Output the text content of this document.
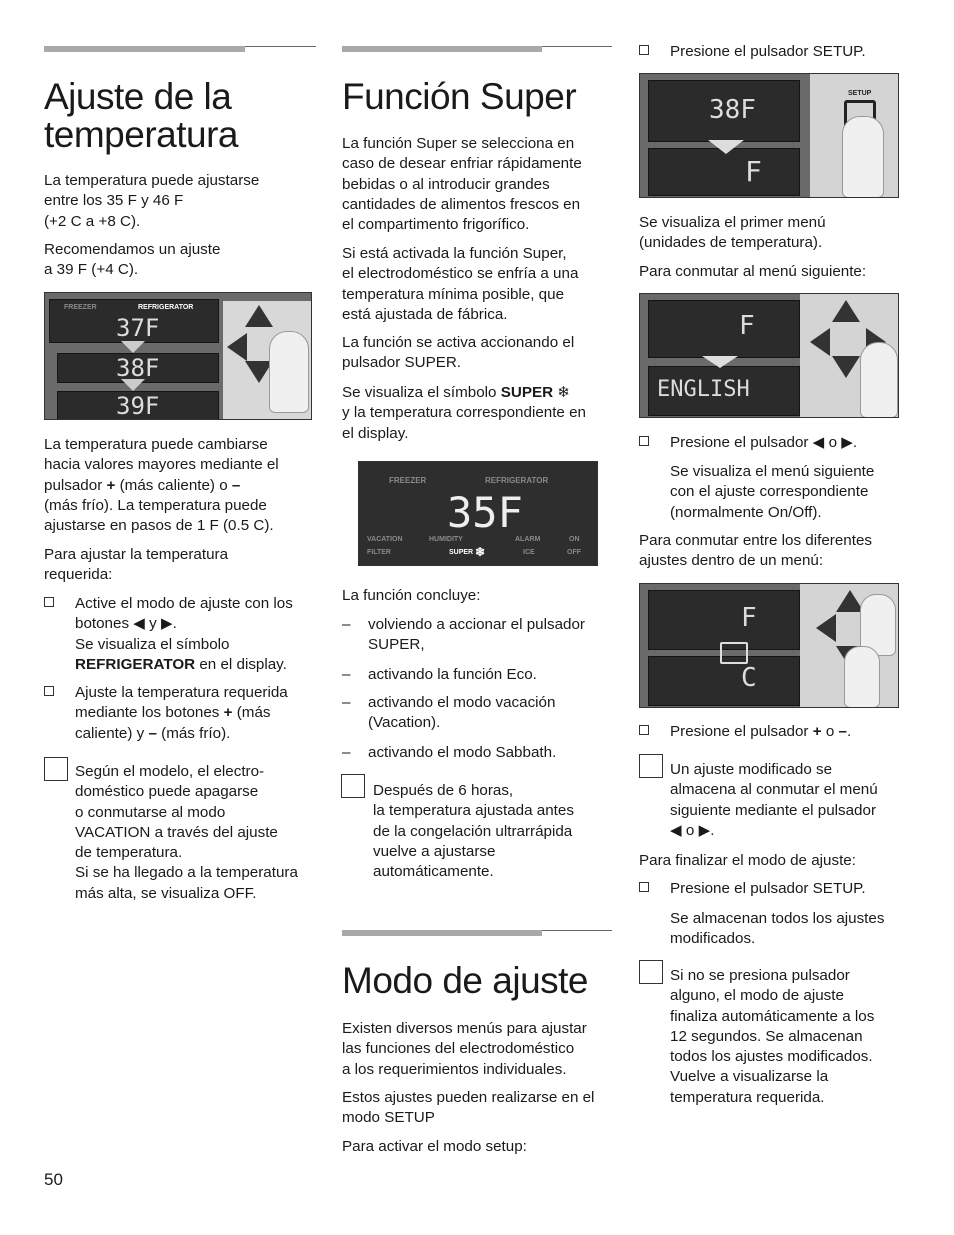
Ajuste de la
temperatura

La temperatura puede ajustarse
entre los 35 F y 46 F
(+2 C a +8 C).

Recomendamos un ajuste
a 39 F (+4 C).

FREEZER	REFRIGERATOR
37F
38F
39F

La temperatura puede cambiarse
hacia valores mayores mediante el
pulsador + (más caliente) o –
(más frío). La temperatura puede
ajustarse en pasos de 1 F (0.5 C).

Para ajustar la temperatura
requerida:

Active el modo de ajuste con los
botones ◀ y ▶.
Se visualiza el símbolo
REFRIGERATOR en el display.
Ajuste la temperatura requerida
mediante los botones + (más
caliente) y – (más frío).

Según el modelo, el electro-
doméstico puede apagarse
o conmutarse al modo
VACATION a través del ajuste
de temperatura.
Si se ha llegado a la temperatura
más alta, se visualiza OFF.

Función Super

La función Super se selecciona en
caso de desear enfriar rápidamente
bebidas o al introducir grandes
cantidades de alimentos frescos en
el compartimento frigorífico.

Si está activada la función Super,
el electrodoméstico se enfría a una
temperatura mínima posible, que
está ajustada de fábrica.

La función se activa accionando el
pulsador SUPER.

Se visualiza el símbolo SUPER ❄
y la temperatura correspondiente en
el display.

FREEZER	REFRIGERATOR
35F
VACATION	HUMIDITY	ALARM	ON
FILTER	SUPER ❄	ICE	OFF

La función concluye:

– volviendo a accionar el pulsador
SUPER,

– activando la función Eco.

– activando el modo vacación
(Vacation).

– activando el modo Sabbath.

Después de 6 horas,
la temperatura ajustada antes
de la congelación ultrarrápida
vuelve a ajustarse
automáticamente.

Modo de ajuste

Existen diversos menús para ajustar
las funciones del electrodoméstico
a los requerimientos individuales.

Estos ajustes pueden realizarse en el
modo SETUP

Para activar el modo setup:

Presione el pulsador SETUP.
38F
F
SETUP

Se visualiza el primer menú
(unidades de temperatura).

Para conmutar al menú siguiente:

F
ENGLISH
Presione el pulsador ◀ o ▶.

Se visualiza el menú siguiente
con el ajuste correspondiente
(normalmente On/Off).

Para conmutar entre los diferentes
ajustes dentro de un menú:

F
C
Presione el pulsador + o –.

Un ajuste modificado se
almacena al conmutar el menú
siguiente mediante el pulsador
◀ o ▶.

Para finalizar el modo de ajuste:

Presione el pulsador SETUP.

Se almacenan todos los ajustes
modificados.

Si no se presiona pulsador
alguno, el modo de ajuste
finaliza automáticamente a los
12 segundos. Se almacenan
todos los ajustes modificados.
Vuelve a visualizarse la
temperatura requerida.

50
